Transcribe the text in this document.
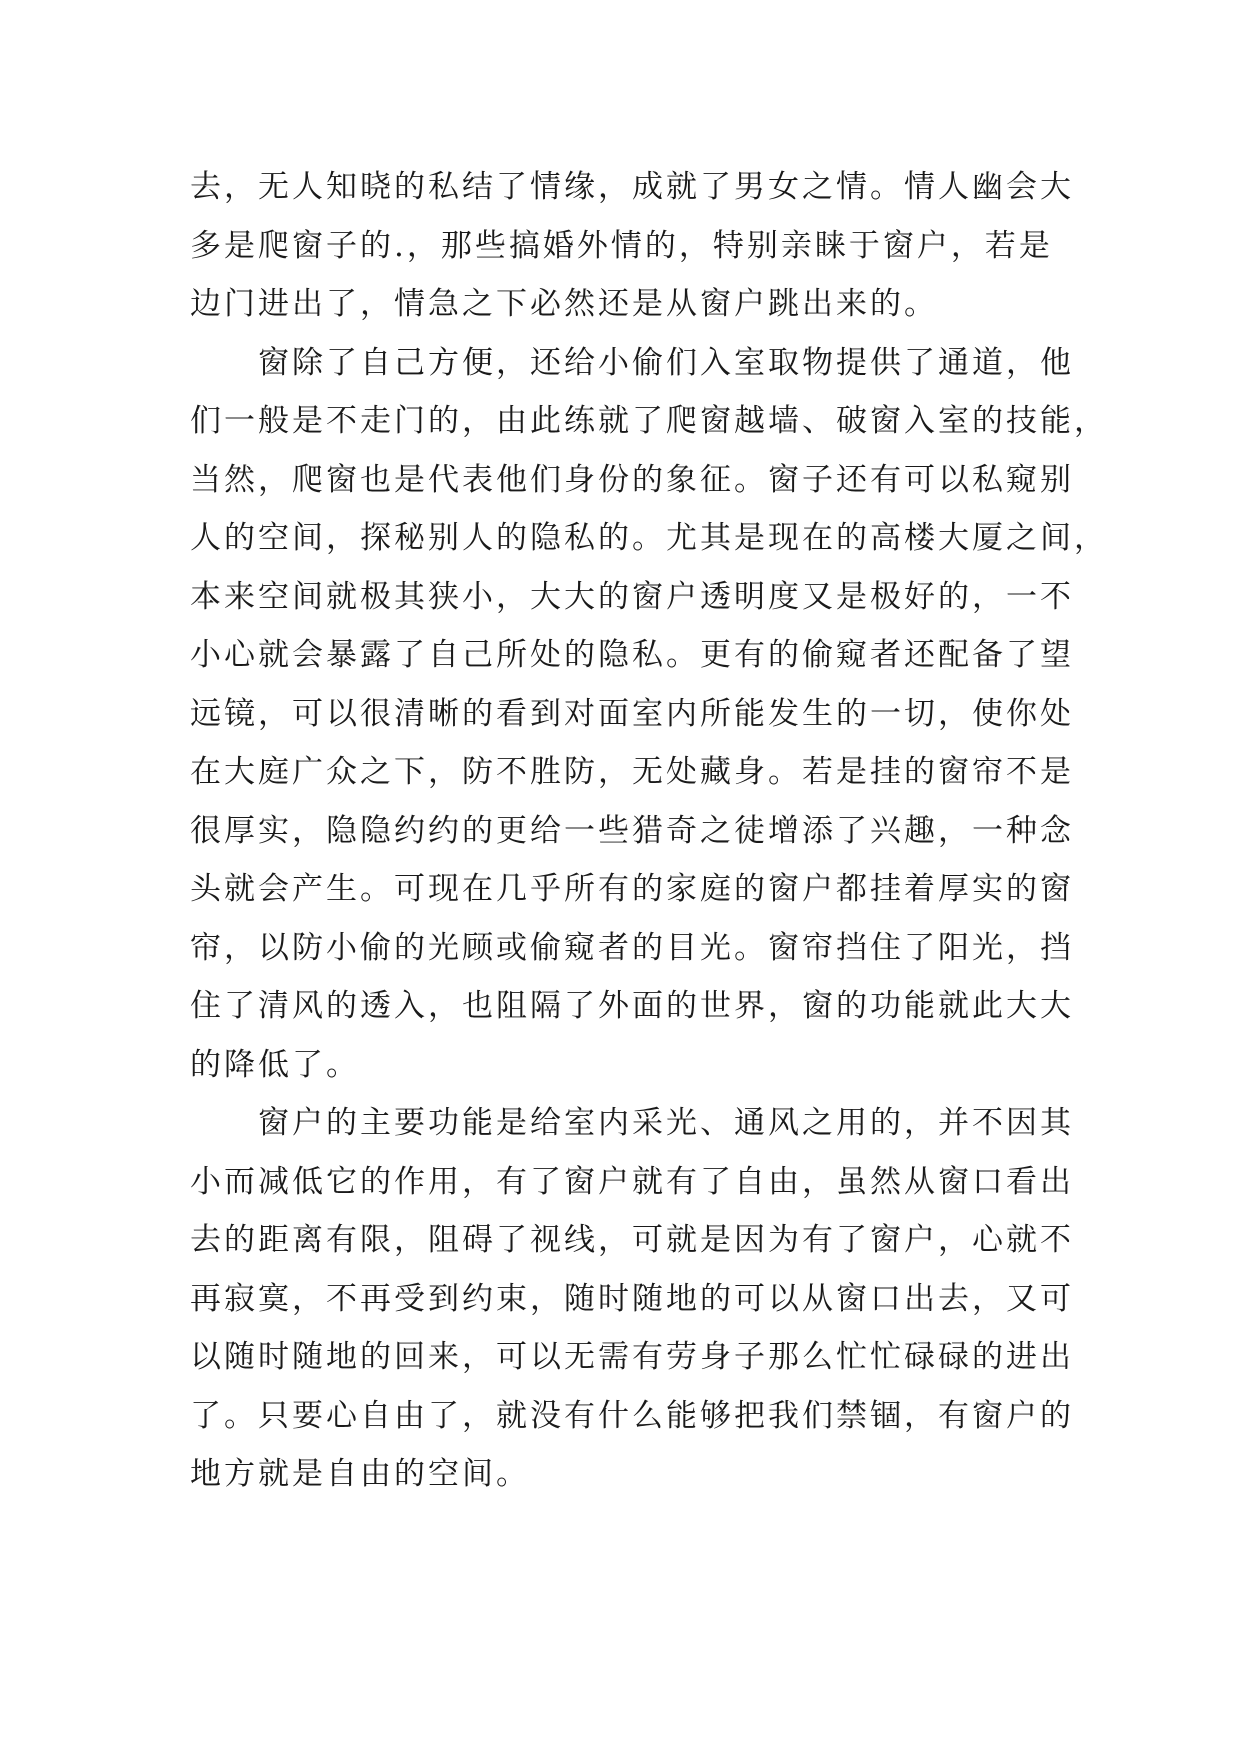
去，无人知晓的私结了情缘，成就了男女之情。情人幽会大
多是爬窗子的.，那些搞婚外情的，特别亲睐于窗户，若是
边门进出了，情急之下必然还是从窗户跳出来的。
窗除了自己方便，还给小偷们入室取物提供了通道，他
们一般是不走门的，由此练就了爬窗越墙、破窗入室的技能，
当然，爬窗也是代表他们身份的象征。窗子还有可以私窥别
人的空间，探秘别人的隐私的。尤其是现在的高楼大厦之间，
本来空间就极其狭小，大大的窗户透明度又是极好的，一不
小心就会暴露了自己所处的隐私。更有的偷窥者还配备了望
远镜，可以很清晰的看到对面室内所能发生的一切，使你处
在大庭广众之下，防不胜防，无处藏身。若是挂的窗帘不是
很厚实，隐隐约约的更给一些猎奇之徒增添了兴趣，一种念
头就会产生。可现在几乎所有的家庭的窗户都挂着厚实的窗
帘，以防小偷的光顾或偷窥者的目光。窗帘挡住了阳光，挡
住了清风的透入，也阻隔了外面的世界，窗的功能就此大大
的降低了。
窗户的主要功能是给室内采光、通风之用的，并不因其
小而减低它的作用，有了窗户就有了自由，虽然从窗口看出
去的距离有限，阻碍了视线，可就是因为有了窗户，心就不
再寂寞，不再受到约束，随时随地的可以从窗口出去，又可
以随时随地的回来，可以无需有劳身子那么忙忙碌碌的进出
了。只要心自由了，就没有什么能够把我们禁锢，有窗户的
地方就是自由的空间。
